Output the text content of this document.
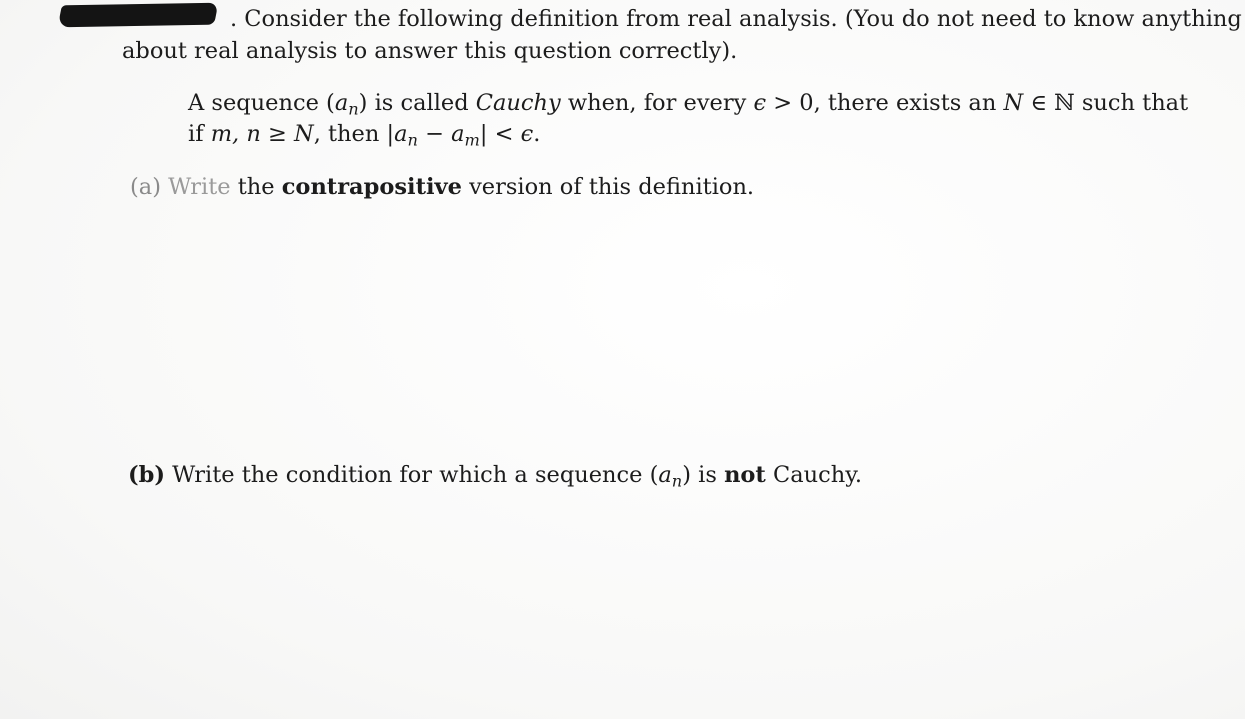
. Consider the following definition from real analysis. (You do not need to know anything
about real analysis to answer this question correctly).
A sequence $(a_n)$ is called Cauchy when, for every ϵ > 0, there exists an N ∈ ℕ such that
if m, n ≥ N, then $|a_n - a_m| < \epsilon$.
(a) Write the contrapositive version of this definition.
(b) Write the condition for which a sequence $(a_n)$ is not Cauchy.
